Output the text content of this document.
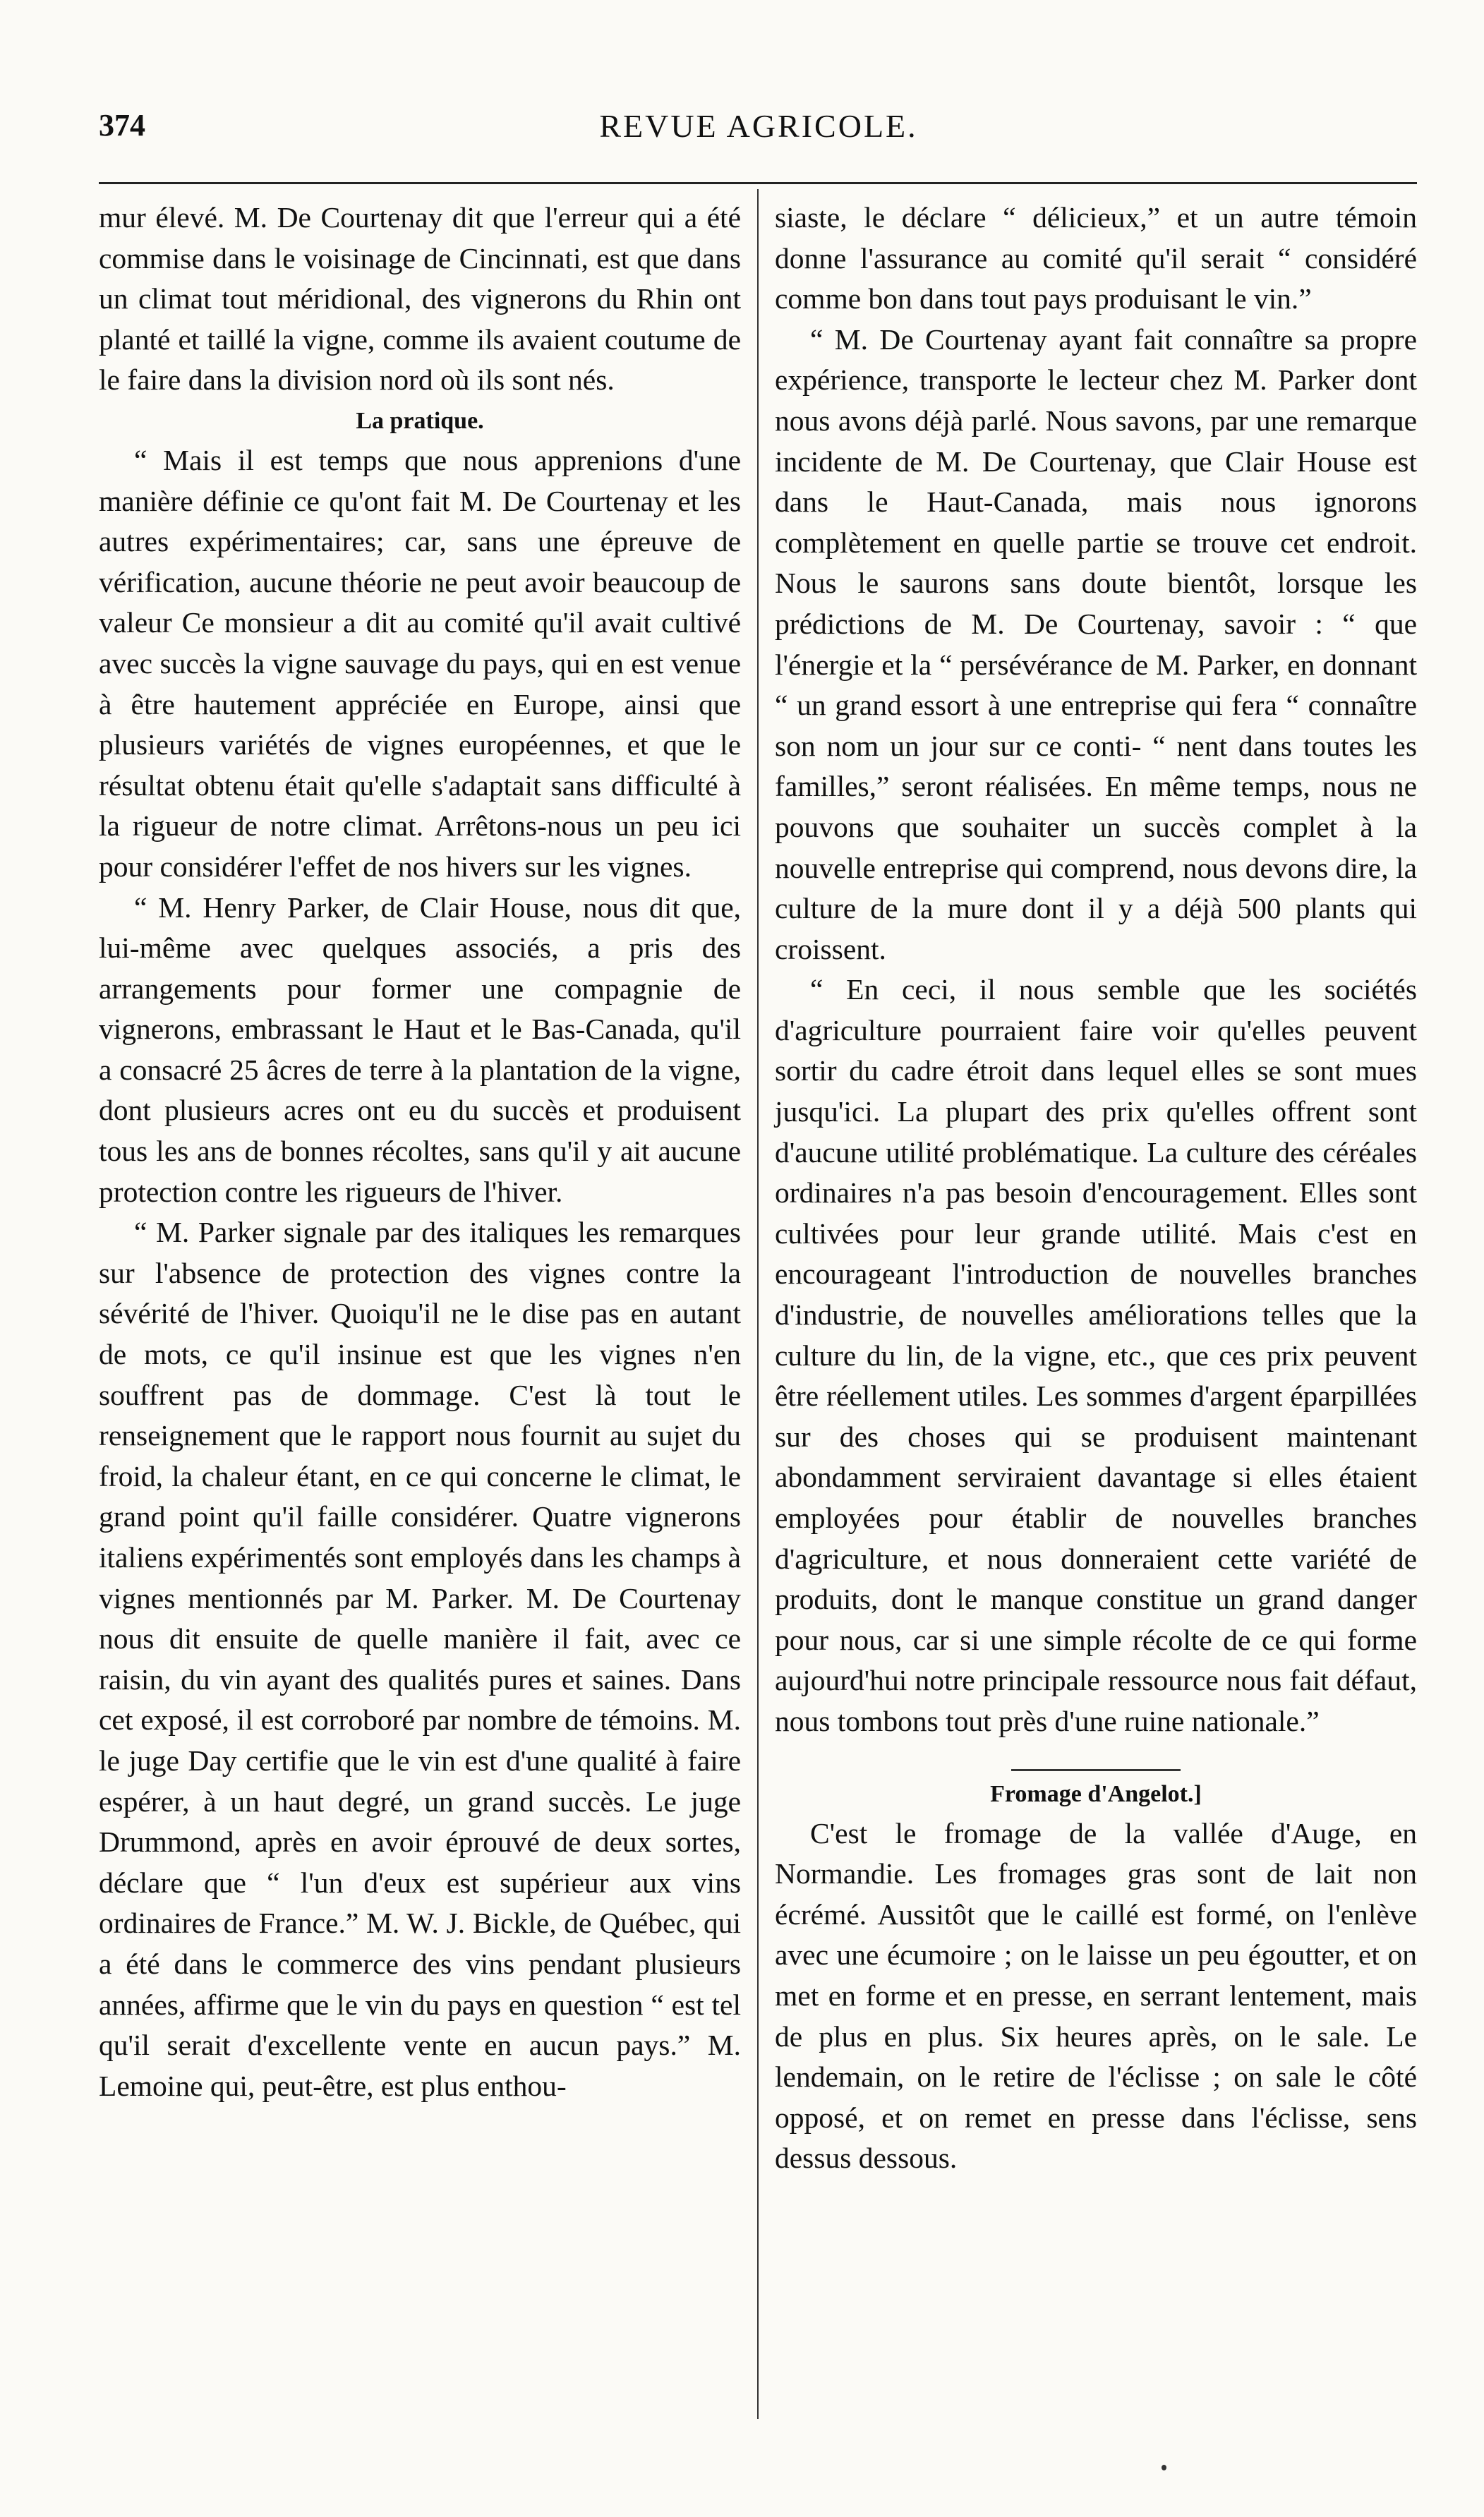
374	REVUE AGRICOLE.

mur élevé. M. De Courtenay dit que l'erreur qui a été commise dans le voisinage de Cincinnati, est que dans un climat tout méridional, des vignerons du Rhin ont planté et taillé la vigne, comme ils avaient coutume de le faire dans la division nord où ils sont nés.

La pratique.

“ Mais il est temps que nous apprenions d'une manière définie ce qu'ont fait M. De Courtenay et les autres expérimentaires; car, sans une épreuve de vérification, aucune théorie ne peut avoir beaucoup de valeur Ce monsieur a dit au comité qu'il avait cultivé avec succès la vigne sauvage du pays, qui en est venue à être hautement appréciée en Europe, ainsi que plusieurs variétés de vignes européennes, et que le résultat obtenu était qu'elle s'adaptait sans difficulté à la rigueur de notre climat. Arrêtons-nous un peu ici pour considérer l'effet de nos hivers sur les vignes.

“ M. Henry Parker, de Clair House, nous dit que, lui-même avec quelques associés, a pris des arrangements pour former une compagnie de vignerons, embrassant le Haut et le Bas-Canada, qu'il a consacré 25 âcres de terre à la plantation de la vigne, dont plusieurs acres ont eu du succès et produisent tous les ans de bonnes récoltes, sans qu'il y ait aucune protection contre les rigueurs de l'hiver.

“ M. Parker signale par des italiques les remarques sur l'absence de protection des vignes contre la sévérité de l'hiver. Quoiqu'il ne le dise pas en autant de mots, ce qu'il insinue est que les vignes n'en souffrent pas de dommage. C'est là tout le renseignement que le rapport nous fournit au sujet du froid, la chaleur étant, en ce qui concerne le climat, le grand point qu'il faille considérer. Quatre vignerons italiens expérimentés sont employés dans les champs à vignes mentionnés par M. Parker. M. De Courtenay nous dit ensuite de quelle manière il fait, avec ce raisin, du vin ayant des qualités pures et saines. Dans cet exposé, il est corroboré par nombre de témoins. M. le juge Day certifie que le vin est d'une qualité à faire espérer, à un haut degré, un grand succès. Le juge Drummond, après en avoir éprouvé de deux sortes, déclare que “ l'un d'eux est supérieur aux vins ordinaires de France.” M. W. J. Bickle, de Québec, qui a été dans le commerce des vins pendant plusieurs années, affirme que le vin du pays en question “ est tel qu'il serait d'excellente vente en aucun pays.” M. Lemoine qui, peut-être, est plus enthou-

siaste, le déclare “ délicieux,” et un autre témoin donne l'assurance au comité qu'il serait “ considéré comme bon dans tout pays produisant le vin.”

“ M. De Courtenay ayant fait connaître sa propre expérience, transporte le lecteur chez M. Parker dont nous avons déjà parlé. Nous savons, par une remarque incidente de M. De Courtenay, que Clair House est dans le Haut-Canada, mais nous ignorons complètement en quelle partie se trouve cet endroit. Nous le saurons sans doute bientôt, lorsque les prédictions de M. De Courtenay, savoir : “ que l'énergie et la “ persévérance de M. Parker, en donnant “ un grand essort à une entreprise qui fera “ connaître son nom un jour sur ce conti- “ nent dans toutes les familles,” seront réalisées. En même temps, nous ne pouvons que souhaiter un succès complet à la nouvelle entreprise qui comprend, nous devons dire, la culture de la mure dont il y a déjà 500 plants qui croissent.

“ En ceci, il nous semble que les sociétés d'agriculture pourraient faire voir qu'elles peuvent sortir du cadre étroit dans lequel elles se sont mues jusqu'ici. La plupart des prix qu'elles offrent sont d'aucune utilité problématique. La culture des céréales ordinaires n'a pas besoin d'encouragement. Elles sont cultivées pour leur grande utilité. Mais c'est en encourageant l'introduction de nouvelles branches d'industrie, de nouvelles améliorations telles que la culture du lin, de la vigne, etc., que ces prix peuvent être réellement utiles. Les sommes d'argent éparpillées sur des choses qui se produisent maintenant abondamment serviraient davantage si elles étaient employées pour établir de nouvelles branches d'agriculture, et nous donneraient cette variété de produits, dont le manque constitue un grand danger pour nous, car si une simple récolte de ce qui forme aujourd'hui notre principale ressource nous fait défaut, nous tombons tout près d'une ruine nationale.”

Fromage d'Angelot.]

C'est le fromage de la vallée d'Auge, en Normandie. Les fromages gras sont de lait non écrémé. Aussitôt que le caillé est formé, on l'enlève avec une écumoire ; on le laisse un peu égoutter, et on met en forme et en presse, en serrant lentement, mais de plus en plus. Six heures après, on le sale. Le lendemain, on le retire de l'éclisse ; on sale le côté opposé, et on remet en presse dans l'éclisse, sens dessus dessous.
